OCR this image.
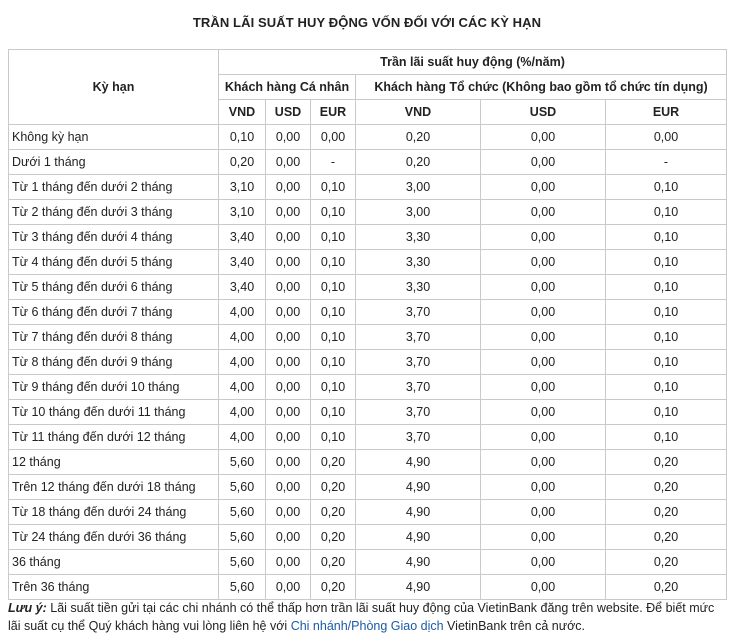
TRẦN LÃI SUẤT HUY ĐỘNG VỐN ĐỐI VỚI CÁC KỲ HẠN
Kỳ hạn	Trần lãi suất huy động (%/năm)					
	Khách hàng Cá nhân			Khách hàng Tổ chức (Không bao gồm tổ chức tín dụng)		
	VND	USD	EUR	VND	USD	EUR
Không kỳ hạn	0,10	0,00	0,00	0,20	0,00	0,00
Dưới 1 tháng	0,20	0,00	-	0,20	0,00	-
Từ 1 tháng đến dưới 2 tháng	3,10	0,00	0,10	3,00	0,00	0,10
Từ 2 tháng đến dưới 3 tháng	3,10	0,00	0,10	3,00	0,00	0,10
Từ 3 tháng đến dưới 4 tháng	3,40	0,00	0,10	3,30	0,00	0,10
Từ 4 tháng đến dưới 5 tháng	3,40	0,00	0,10	3,30	0,00	0,10
Từ 5 tháng đến dưới 6 tháng	3,40	0,00	0,10	3,30	0,00	0,10
Từ 6 tháng đến dưới 7 tháng	4,00	0,00	0,10	3,70	0,00	0,10
Từ 7 tháng đến dưới 8 tháng	4,00	0,00	0,10	3,70	0,00	0,10
Từ 8 tháng đến dưới 9 tháng	4,00	0,00	0,10	3,70	0,00	0,10
Từ 9 tháng đến dưới 10 tháng	4,00	0,00	0,10	3,70	0,00	0,10
Từ 10 tháng đến dưới 11 tháng	4,00	0,00	0,10	3,70	0,00	0,10
Từ 11 tháng đến dưới 12 tháng	4,00	0,00	0,10	3,70	0,00	0,10
12 tháng	5,60	0,00	0,20	4,90	0,00	0,20
Trên 12 tháng đến dưới 18 tháng	5,60	0,00	0,20	4,90	0,00	0,20
Từ 18 tháng đến dưới 24 tháng	5,60	0,00	0,20	4,90	0,00	0,20
Từ 24 tháng đến dưới 36 tháng	5,60	0,00	0,20	4,90	0,00	0,20
36 tháng	5,60	0,00	0,20	4,90	0,00	0,20
Trên 36 tháng	5,60	0,00	0,20	4,90	0,00	0,20
Lưu ý: Lãi suất tiền gửi tại các chi nhánh có thể thấp hơn trần lãi suất huy động của VietinBank đăng trên website. Để biết mức lãi suất cụ thể Quý khách hàng vui lòng liên hệ với Chi nhánh/Phòng Giao dịch VietinBank trên cả nước.
